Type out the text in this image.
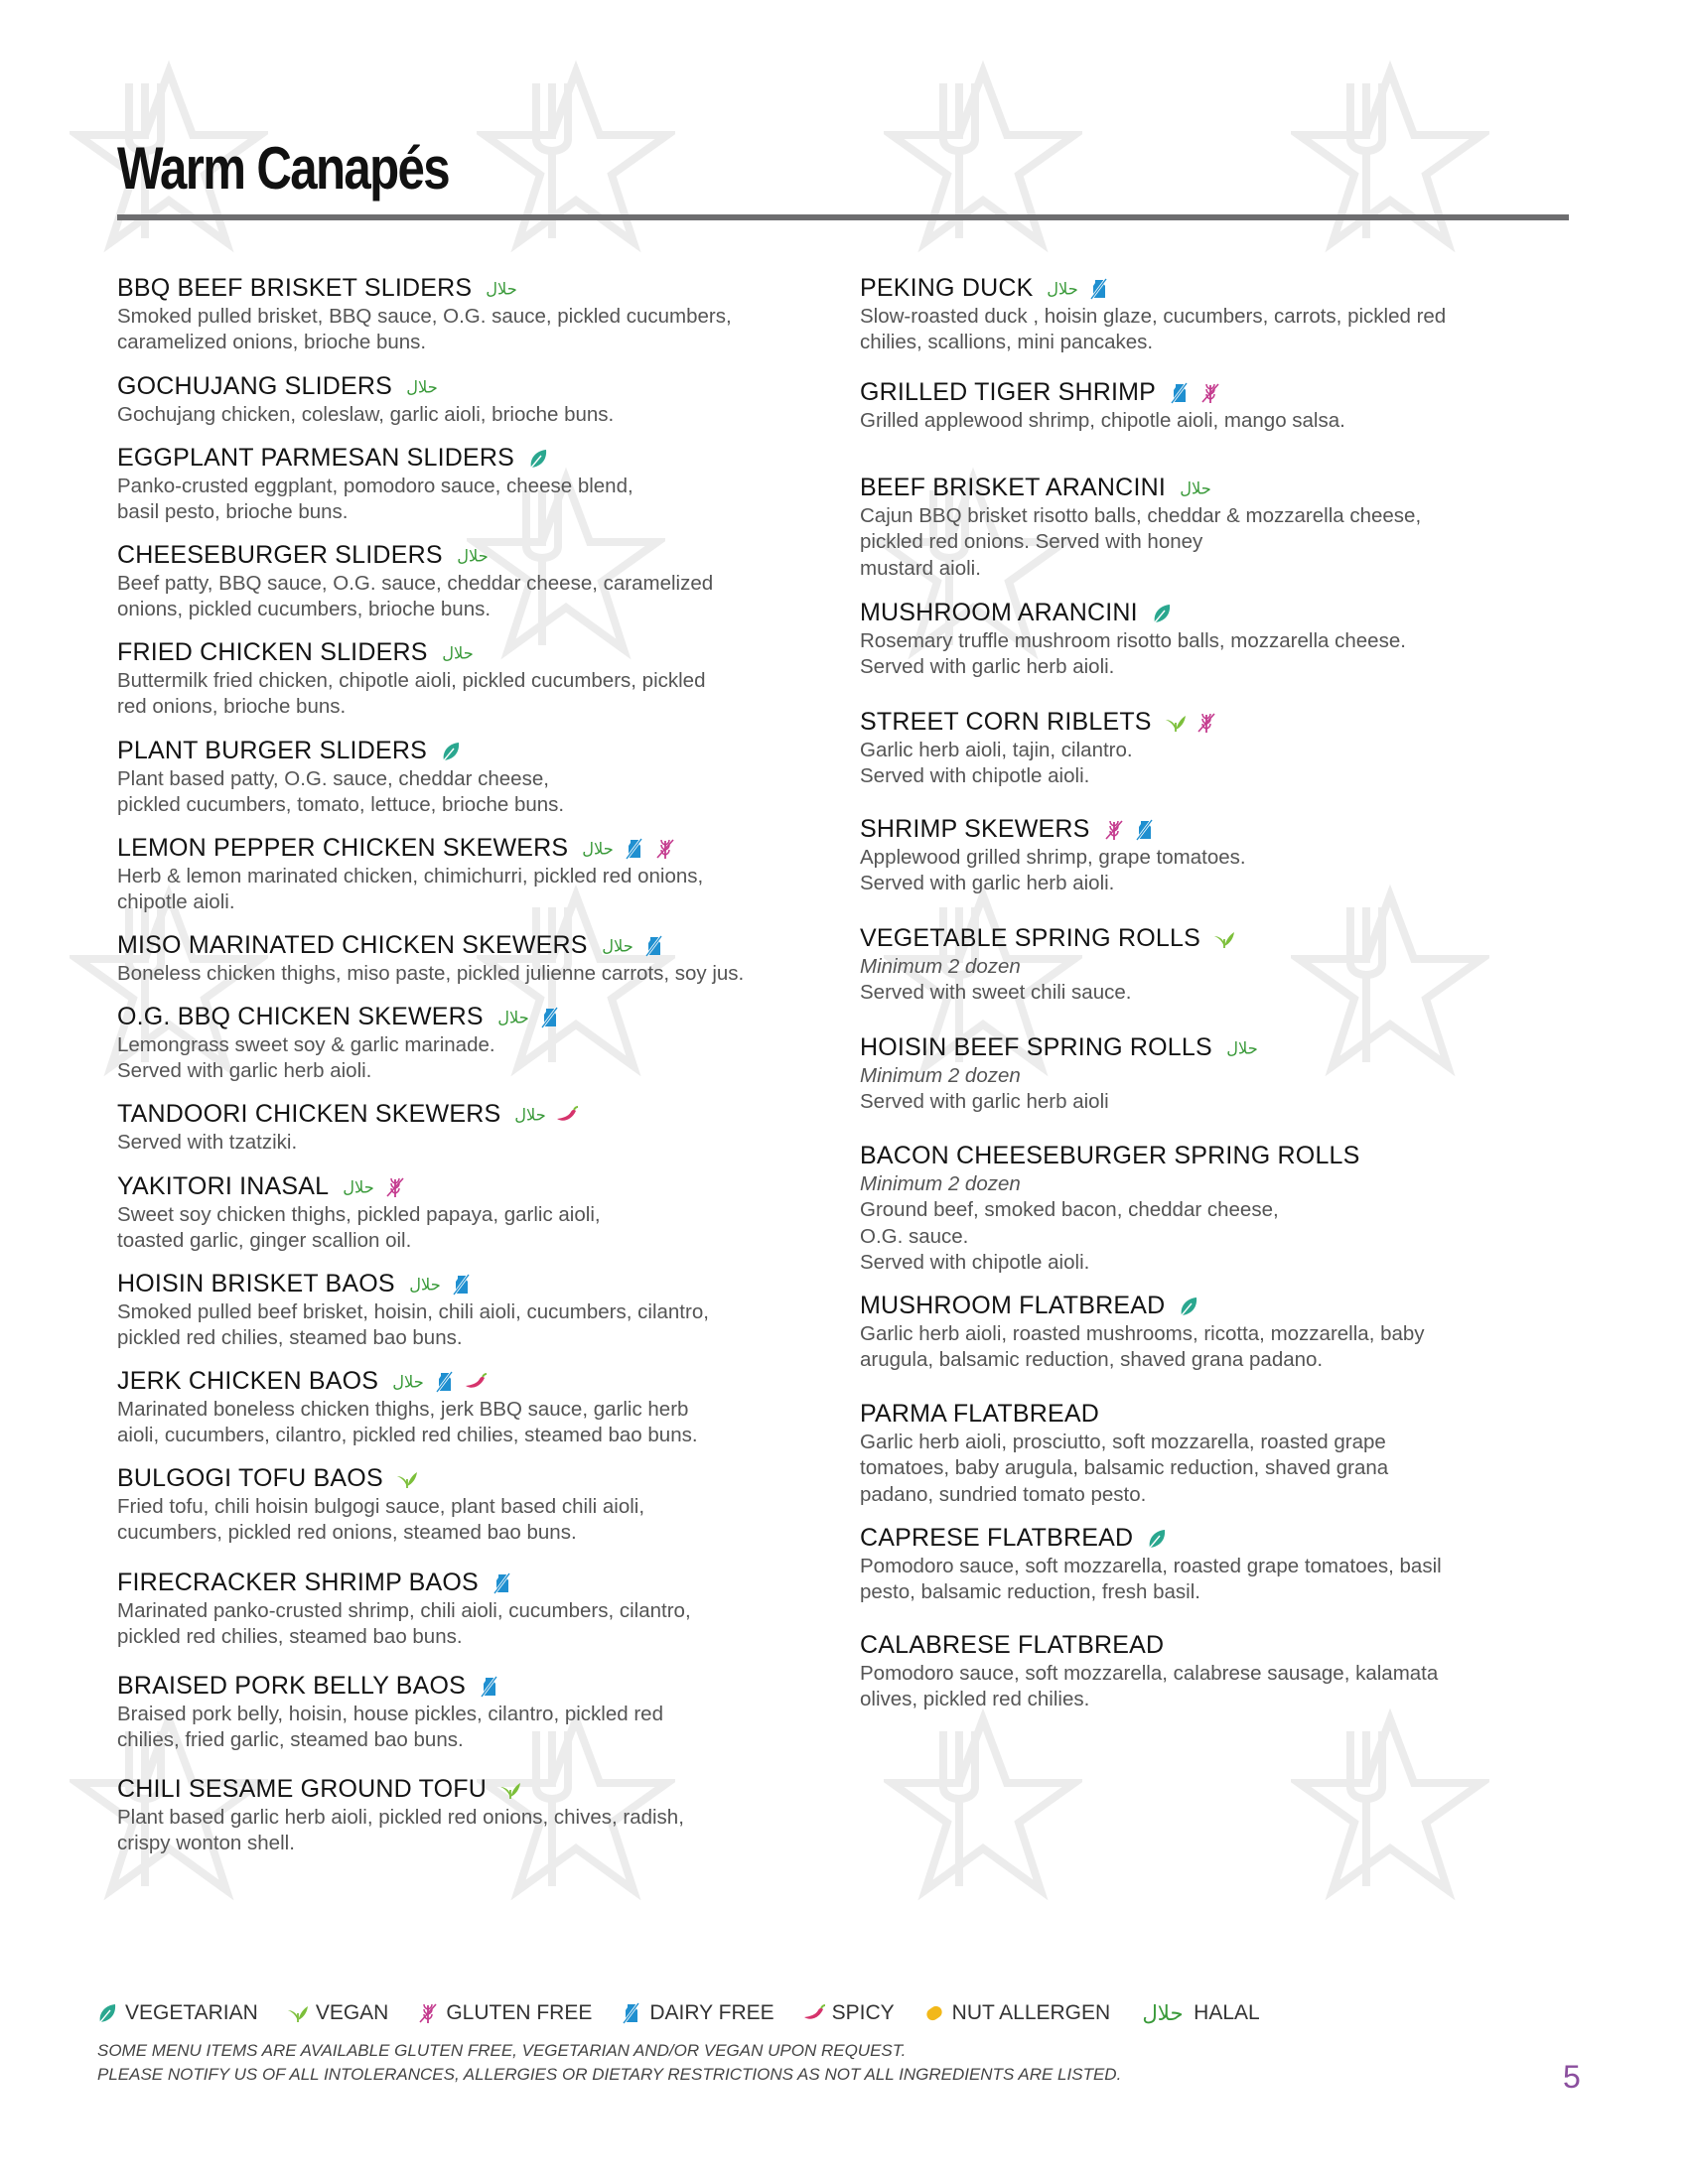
Warm Canapés
BBQ BEEF BRISKET SLIDERS حلال
Smoked pulled brisket, BBQ sauce, O.G. sauce, pickled cucumbers,
caramelized onions, brioche buns.
GOCHUJANG SLIDERS حلال
Gochujang chicken, coleslaw, garlic aioli, brioche buns.
EGGPLANT PARMESAN SLIDERS
Panko-crusted eggplant, pomodoro sauce, cheese blend,
basil pesto, brioche buns.
CHEESEBURGER SLIDERS حلال
Beef patty, BBQ sauce, O.G. sauce, cheddar cheese, caramelized
onions, pickled cucumbers, brioche buns.
FRIED CHICKEN SLIDERS حلال
Buttermilk fried chicken, chipotle aioli, pickled cucumbers, pickled
red onions, brioche buns.
PLANT BURGER SLIDERS
Plant based patty, O.G. sauce, cheddar cheese,
pickled cucumbers, tomato, lettuce, brioche buns.
LEMON PEPPER CHICKEN SKEWERS حلال
Herb & lemon marinated chicken, chimichurri, pickled red onions,
chipotle aioli.
MISO MARINATED CHICKEN SKEWERS حلال
Boneless chicken thighs, miso paste, pickled julienne carrots, soy jus.
O.G. BBQ CHICKEN SKEWERS حلال
Lemongrass sweet soy & garlic marinade.
Served with garlic herb aioli.
TANDOORI CHICKEN SKEWERS حلال
Served with tzatziki.
YAKITORI INASAL حلال
Sweet soy chicken thighs, pickled papaya, garlic aioli,
toasted garlic, ginger scallion oil.
HOISIN BRISKET BAOS حلال
Smoked pulled beef brisket, hoisin, chili aioli, cucumbers, cilantro,
pickled red chilies, steamed bao buns.
JERK CHICKEN BAOS حلال
Marinated boneless chicken thighs, jerk BBQ sauce, garlic herb
aioli, cucumbers, cilantro, pickled red chilies, steamed bao buns.
BULGOGI TOFU BAOS
Fried tofu, chili hoisin bulgogi sauce, plant based chili aioli,
cucumbers, pickled red onions, steamed bao buns.
FIRECRACKER SHRIMP BAOS
Marinated panko-crusted shrimp, chili aioli, cucumbers, cilantro,
pickled red chilies, steamed bao buns.
BRAISED PORK BELLY BAOS
Braised pork belly, hoisin, house pickles, cilantro, pickled red
chilies, fried garlic, steamed bao buns.
CHILI SESAME GROUND TOFU
Plant based garlic herb aioli, pickled red onions, chives, radish,
crispy wonton shell.
PEKING DUCK حلال
Slow-roasted duck , hoisin glaze, cucumbers, carrots, pickled red
chilies, scallions, mini pancakes.
GRILLED TIGER SHRIMP
Grilled applewood shrimp, chipotle aioli, mango salsa.
BEEF BRISKET ARANCINI حلال
Cajun BBQ brisket risotto balls, cheddar & mozzarella cheese,
pickled red onions. Served with honey
mustard aioli.
MUSHROOM ARANCINI
Rosemary truffle mushroom risotto balls, mozzarella cheese.
Served with garlic herb aioli.
STREET CORN RIBLETS
Garlic herb aioli, tajin, cilantro.
Served with chipotle aioli.
SHRIMP SKEWERS
Applewood grilled shrimp, grape tomatoes.
Served with garlic herb aioli.
VEGETABLE SPRING ROLLS
Minimum 2 dozen
Served with sweet chili sauce.
HOISIN BEEF SPRING ROLLS حلال
Minimum 2 dozen
Served with garlic herb aioli
BACON CHEESEBURGER SPRING ROLLS
Minimum 2 dozen
Ground beef, smoked bacon, cheddar cheese,
O.G. sauce.
Served with chipotle aioli.
MUSHROOM FLATBREAD
Garlic herb aioli, roasted mushrooms, ricotta, mozzarella, baby
arugula, balsamic reduction, shaved grana padano.
PARMA FLATBREAD
Garlic herb aioli, prosciutto, soft mozzarella, roasted grape
tomatoes, baby arugula, balsamic reduction, shaved grana
padano, sundried tomato pesto.
CAPRESE FLATBREAD
Pomodoro sauce, soft mozzarella, roasted grape tomatoes, basil
pesto, balsamic reduction, fresh basil.
CALABRESE FLATBREAD
Pomodoro sauce, soft mozzarella, calabrese sausage, kalamata
olives, pickled red chilies.
VEGETARIAN	VEGAN	GLUTEN FREE	DAIRY FREE	SPICY	NUT ALLERGEN حلال HALAL
SOME MENU ITEMS ARE AVAILABLE GLUTEN FREE, VEGETARIAN AND/OR VEGAN UPON REQUEST.
PLEASE NOTIFY US OF ALL INTOLERANCES, ALLERGIES OR DIETARY RESTRICTIONS AS NOT ALL INGREDIENTS ARE LISTED.	5
